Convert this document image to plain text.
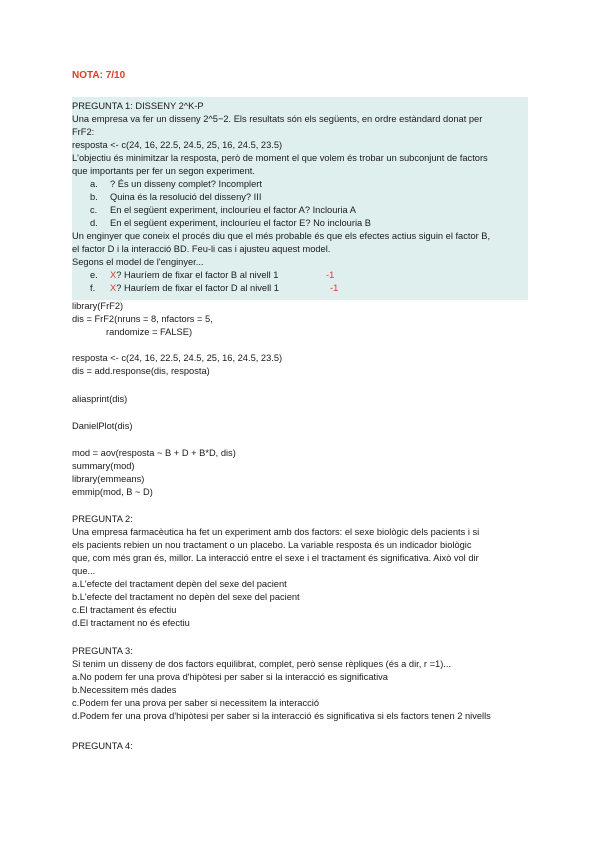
NOTA: 7/10
PREGUNTA 1: DISSENY 2^K-P
Una empresa va fer un disseny 2^5−2. Els resultats són els següents, en ordre estàndard donat per
FrF2:
resposta <- c(24, 16, 22.5, 24.5, 25, 16, 24.5, 23.5)
L'objectiu és minimitzar la resposta, però de moment el que volem és trobar un subconjunt de factors
que importants per fer un segon experiment.
a. ? És un disseny complet? Incomplert
b. Quina és la resolució del disseny? III
c. En el següent experiment, inclouríeu el factor A? Inclouria A
d. En el següent experiment, inclouríeu el factor E? No inclouria B
Un enginyer que coneix el procés diu que el més probable és que els efectes actius siguin el factor B,
el factor D i la interacció BD. Feu-li cas i ajusteu aquest model.
Segons el model de l'enginyer...
e. X? Hauríem de fixar el factor B al nivell 1	-1
f. X? Hauríem de fixar el factor D al nivell 1	-1
library(FrF2)
dis = FrF2(nruns = 8, nfactors = 5,
randomize = FALSE)
resposta <- c(24, 16, 22.5, 24.5, 25, 16, 24.5, 23.5)
dis = add.response(dis, resposta)
aliasprint(dis)
DanielPlot(dis)
mod = aov(resposta ~ B + D + B*D, dis)
summary(mod)
library(emmeans)
emmip(mod, B ~ D)
PREGUNTA 2:
Una empresa farmacèutica ha fet un experiment amb dos factors: el sexe biològic dels pacients i si
els pacients rebien un nou tractament o un placebo. La variable resposta és un indicador biològic
que, com més gran és, millor. La interacció entre el sexe i el tractament és significativa. Això vol dir
que...
a.L'efecte del tractament depèn del sexe del pacient
b.L'efecte del tractament no depèn del sexe del pacient
c.El tractament és efectiu
d.El tractament no és efectiu
PREGUNTA 3:
Si tenim un disseny de dos factors equilibrat, complet, però sense rèpliques (és a dir, r =1)...
a.No podem fer una prova d'hipòtesi per saber si la interacció es significativa
b.Necessitem més dades
c.Podem fer una prova per saber si necessitem la interacció
d.Podem fer una prova d'hipòtesi per saber si la interacció és significativa si els factors tenen 2 nivells
PREGUNTA 4:
